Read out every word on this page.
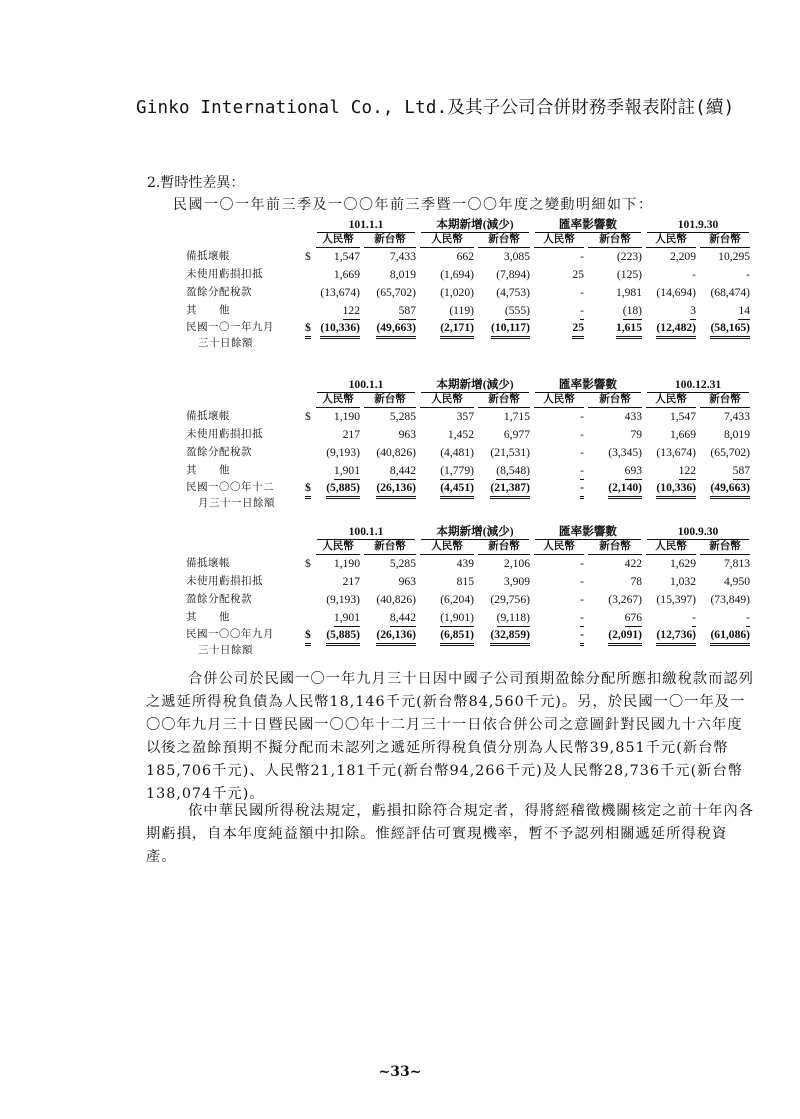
Ginko International Co., Ltd.及其子公司合併財務季報表附註(續)
2.暫時性差異：
民國一〇一年前三季及一〇〇年前三季暨一〇〇年度之變動明細如下：

		101.1.1		本期新增(減少)		匯率影響數		101.9.30	

		人民幣	新台幣	人民幣	新台幣	人民幣	新台幣	人民幣	新台幣

備抵壞帳	$	1,547	7,433	662	3,085	-	(223)	2,209	10,295
未使用虧損扣抵		1,669	8,019	(1,694)	(7,894)	25	(125)	-	-
盈餘分配稅款		(13,674)	(65,702)	(1,020)	(4,753)	-	1,981	(14,694)	(68,474)
其　　他		122	587	(119)	(555)	-	(18)	3	14
民國一〇一年九月
三十日餘額	$	(10,336)	(49,663)	(2,171)	(10,117)	25	1,615	(12,482)	(58,165)

		100.1.1		本期新增(減少)		匯率影響數		100.12.31	

		人民幣	新台幣	人民幣	新台幣	人民幣	新台幣	人民幣	新台幣

備抵壞帳	$	1,190	5,285	357	1,715	-	433	1,547	7,433
未使用虧損扣抵		217	963	1,452	6,977	-	79	1,669	8,019
盈餘分配稅款		(9,193)	(40,826)	(4,481)	(21,531)	-	(3,345)	(13,674)	(65,702)
其　　他		1,901	8,442	(1,779)	(8,548)	-	693	122	587
民國一〇〇年十二
月三十一日餘額	$	(5,885)	(26,136)	(4,451)	(21,387)	-	(2,140)	(10,336)	(49,663)

		100.1.1		本期新增(減少)		匯率影響數		100.9.30	

		人民幣	新台幣	人民幣	新台幣	人民幣	新台幣	人民幣	新台幣

備抵壞帳	$	1,190	5,285	439	2,106	-	422	1,629	7,813
未使用虧損扣抵		217	963	815	3,909	-	78	1,032	4,950
盈餘分配稅款		(9,193)	(40,826)	(6,204)	(29,756)	-	(3,267)	(15,397)	(73,849)
其　　他		1,901	8,442	(1,901)	(9,118)	-	676	-	-
民國一〇〇年九月
三十日餘額	$	(5,885)	(26,136)	(6,851)	(32,859)	-	(2,091)	(12,736)	(61,086)
合併公司於民國一〇一年九月三十日因中國子公司預期盈餘分配所應扣繳稅款而認列之遞延所得稅負債為人民幣18,146千元(新台幣84,560千元)。另，於民國一〇一年及一〇〇年九月三十日暨民國一〇〇年十二月三十一日依合併公司之意圖針對民國九十六年度以後之盈餘預期不擬分配而未認列之遞延所得稅負債分別為人民幣39,851千元(新台幣185,706千元)、人民幣21,181千元(新台幣94,266千元)及人民幣28,736千元(新台幣138,074千元)。
依中華民國所得稅法規定，虧損扣除符合規定者，得將經稽徵機關核定之前十年內各期虧損，自本年度純益額中扣除。惟經評估可實現機率，暫不予認列相關遞延所得稅資產。
~33~
